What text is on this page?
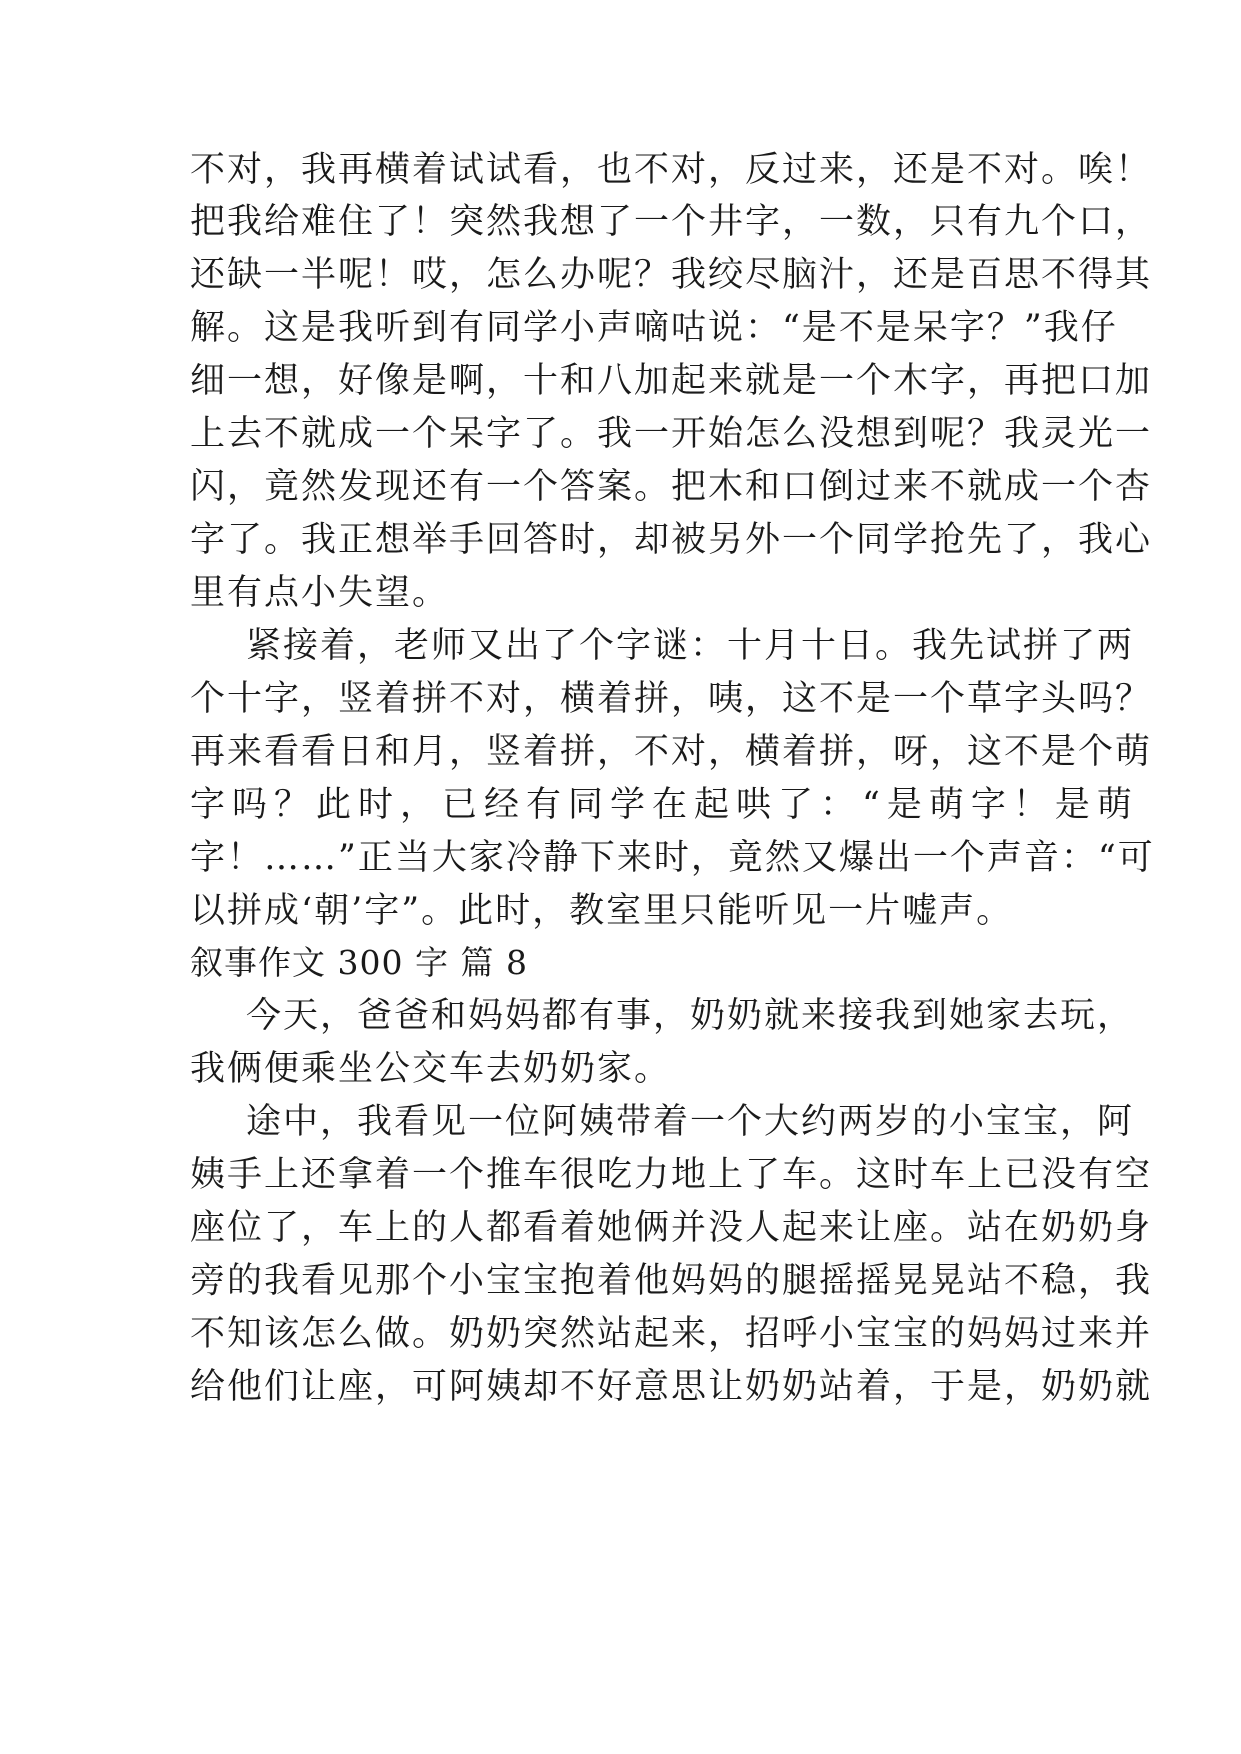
不对，我再横着试试看，也不对，反过来，还是不对。唉！
把我给难住了！突然我想了一个井字，一数，只有九个口，
还缺一半呢！哎，怎么办呢？我绞尽脑汁，还是百思不得其
解。这是我听到有同学小声嘀咕说：“是不是呆字？”我仔
细一想，好像是啊，十和八加起来就是一个木字，再把口加
上去不就成一个呆字了。我一开始怎么没想到呢？我灵光一
闪，竟然发现还有一个答案。把木和口倒过来不就成一个杏
字了。我正想举手回答时，却被另外一个同学抢先了，我心
里有点小失望。
紧接着，老师又出了个字谜：十月十日。我先试拼了两
个十字，竖着拼不对，横着拼，咦，这不是一个草字头吗？
再来看看日和月，竖着拼，不对，横着拼，呀，这不是个萌
字吗？此时，已经有同学在起哄了：“是萌字！是萌
字！……”正当大家冷静下来时，竟然又爆出一个声音：“可
以拼成‘朝’字”。此时，教室里只能听见一片嘘声。
叙事作文 300 字 篇 8
今天，爸爸和妈妈都有事，奶奶就来接我到她家去玩，
我俩便乘坐公交车去奶奶家。
途中，我看见一位阿姨带着一个大约两岁的小宝宝，阿
姨手上还拿着一个推车很吃力地上了车。这时车上已没有空
座位了，车上的人都看着她俩并没人起来让座。站在奶奶身
旁的我看见那个小宝宝抱着他妈妈的腿摇摇晃晃站不稳，我
不知该怎么做。奶奶突然站起来，招呼小宝宝的妈妈过来并
给他们让座，可阿姨却不好意思让奶奶站着，于是，奶奶就
